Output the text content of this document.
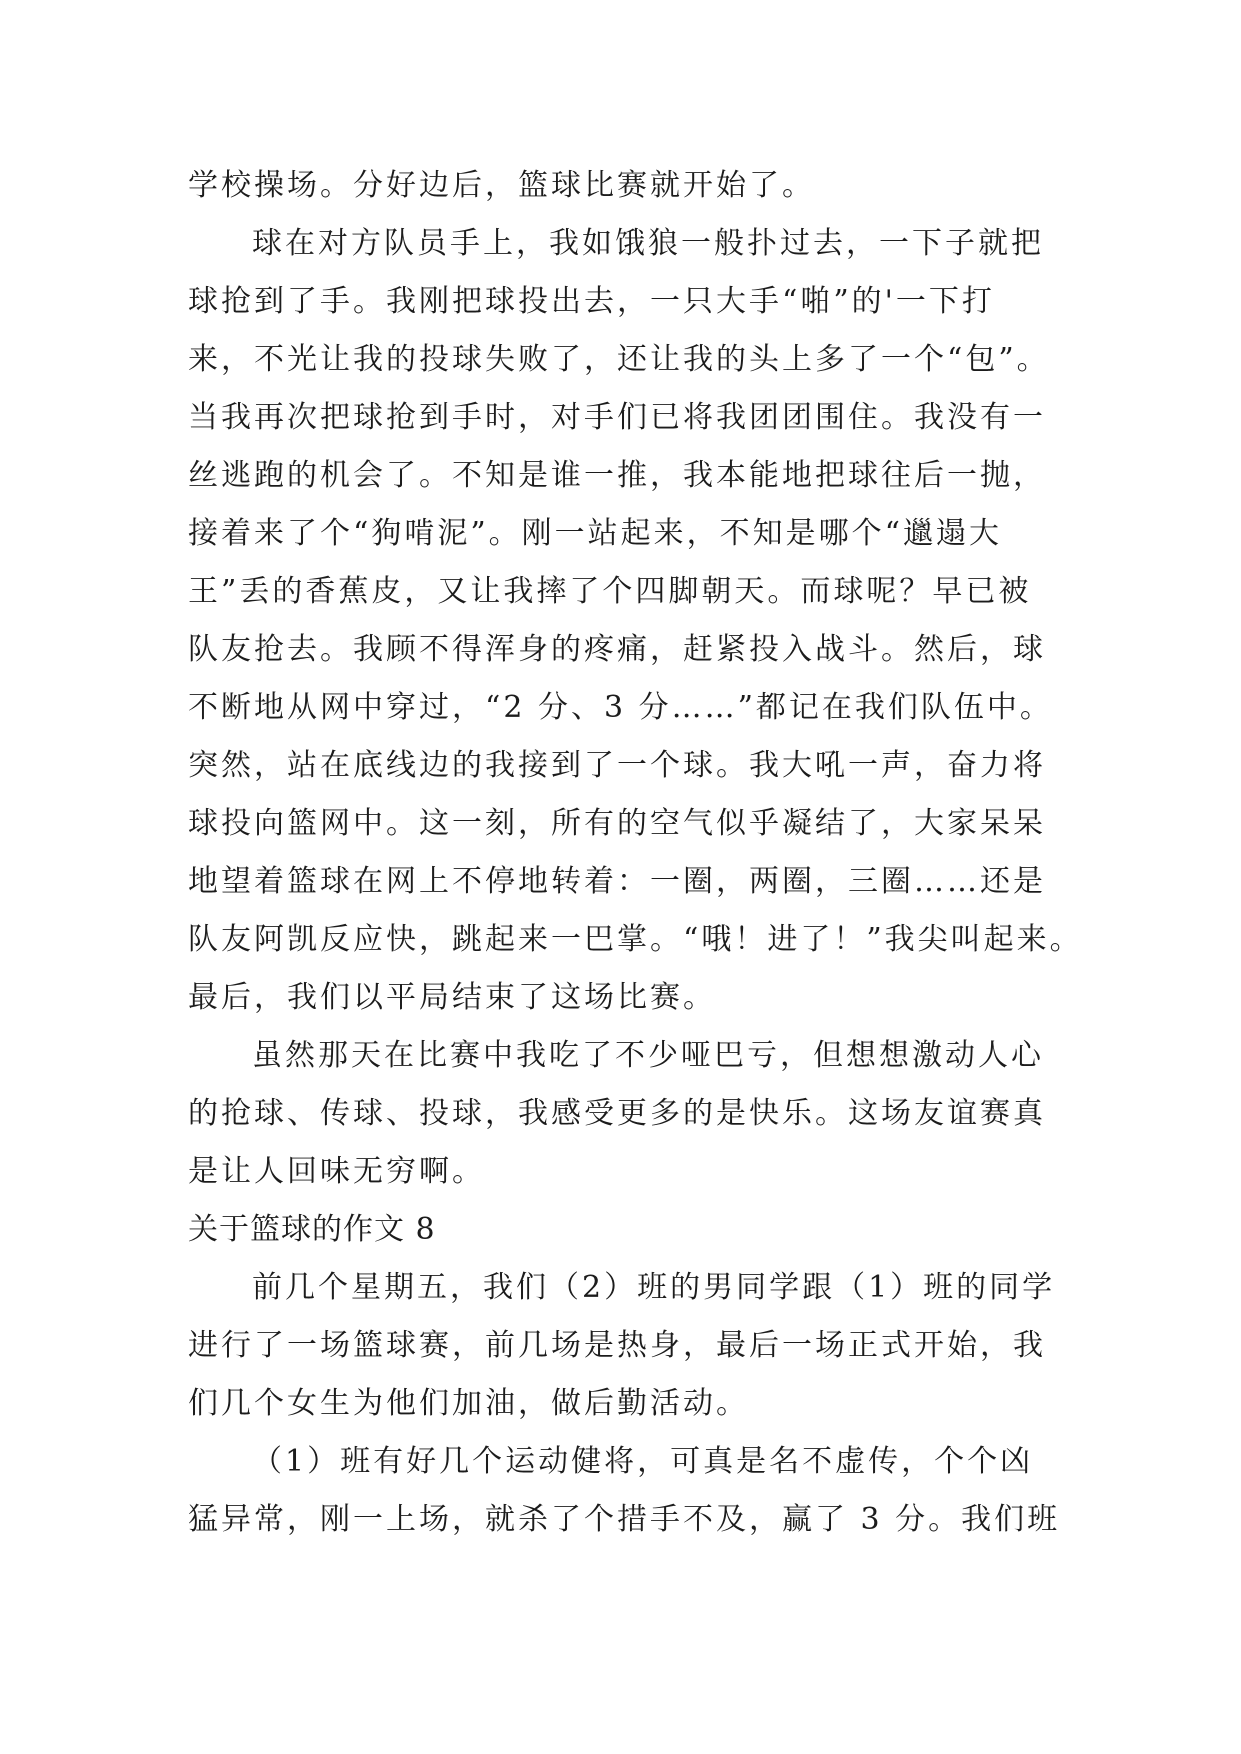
学校操场。分好边后，篮球比赛就开始了。
球在对方队员手上，我如饿狼一般扑过去，一下子就把
球抢到了手。我刚把球投出去，一只大手“啪”的'一下打
来，不光让我的投球失败了，还让我的头上多了一个“包”。
当我再次把球抢到手时，对手们已将我团团围住。我没有一
丝逃跑的机会了。不知是谁一推，我本能地把球往后一抛，
接着来了个“狗啃泥”。刚一站起来，不知是哪个“邋遢大
王”丢的香蕉皮，又让我摔了个四脚朝天。而球呢？早已被
队友抢去。我顾不得浑身的疼痛，赶紧投入战斗。然后，球
不断地从网中穿过，“2 分、3 分……”都记在我们队伍中。
突然，站在底线边的我接到了一个球。我大吼一声，奋力将
球投向篮网中。这一刻，所有的空气似乎凝结了，大家呆呆
地望着篮球在网上不停地转着：一圈，两圈，三圈……还是
队友阿凯反应快，跳起来一巴掌。“哦！进了！”我尖叫起来。
最后，我们以平局结束了这场比赛。
虽然那天在比赛中我吃了不少哑巴亏，但想想激动人心
的抢球、传球、投球，我感受更多的是快乐。这场友谊赛真
是让人回味无穷啊。
关于篮球的作文 8
前几个星期五，我们（2）班的男同学跟（1）班的同学
进行了一场篮球赛，前几场是热身，最后一场正式开始，我
们几个女生为他们加油，做后勤活动。
（1）班有好几个运动健将，可真是名不虚传，个个凶
猛异常，刚一上场，就杀了个措手不及，赢了 3 分。我们班
